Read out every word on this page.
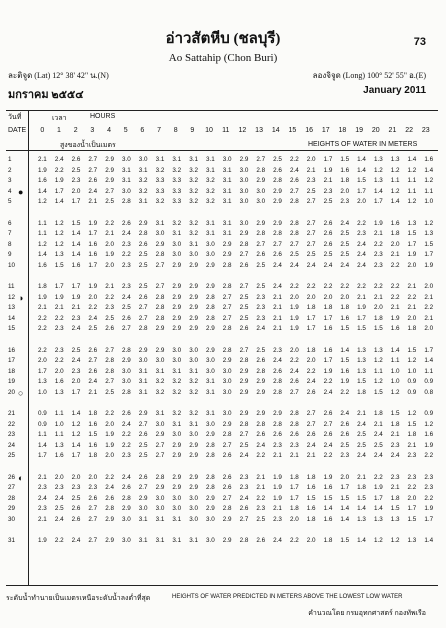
อ่าวสัตหีบ (ชลบุรี)	73
Ao Sattahip (Chon Buri)
ละติจูด (Lat) 12° 38' 42" น.(N)	ลองจิจูด (Long) 100° 52' 55" อ.(E)
มกราคม ๒๕๕๔	January 2011
วันที่
DATE
เวลา	HOURS
0	1	2	3	4	5	6	7	8	9	10	11	12	13	14	15	16	17	18	19	20	21	22	23
สูงของน้ำเป็นเมตร	HEIGHTS OF WATER IN METERS
1	2.1	2.4	2.6	2.7	2.9	3.0	3.0	3.1	3.1	3.1	3.1	3.0	2.9	2.7	2.5	2.2	2.0	1.7	1.5	1.4	1.3	1.3	1.4	1.6
2	1.9	2.2	2.5	2.7	2.9	3.1	3.1	3.2	3.2	3.2	3.1	3.1	3.0	2.8	2.6	2.4	2.1	1.9	1.6	1.4	1.2	1.2	1.2	1.4
3	1.6	1.9	2.3	2.6	2.9	3.1	3.2	3.3	3.3	3.2	3.2	3.1	3.0	2.9	2.8	2.6	2.3	2.1	1.8	1.5	1.3	1.1	1.1	1.2
4 ●	1.4	1.7	2.0	2.4	2.7	3.0	3.2	3.3	3.3	3.2	3.2	3.1	3.0	3.0	2.9	2.7	2.5	2.3	2.0	1.7	1.4	1.2	1.1	1.1
5	1.2	1.4	1.7	2.1	2.5	2.8	3.1	3.2	3.3	3.2	3.2	3.1	3.0	3.0	2.9	2.8	2.7	2.5	2.3	2.0	1.7	1.4	1.2	1.0
6	1.1	1.2	1.5	1.9	2.2	2.6	2.9	3.1	3.2	3.2	3.1	3.1	3.0	2.9	2.9	2.8	2.7	2.6	2.4	2.2	1.9	1.6	1.3	1.2
7	1.1	1.2	1.4	1.7	2.1	2.4	2.8	3.0	3.1	3.2	3.1	3.1	2.9	2.8	2.8	2.8	2.7	2.6	2.5	2.3	2.1	1.8	1.5	1.3
8	1.2	1.2	1.4	1.6	2.0	2.3	2.6	2.9	3.0	3.1	3.0	2.9	2.8	2.7	2.7	2.7	2.7	2.6	2.5	2.4	2.2	2.0	1.7	1.5
9	1.4	1.3	1.4	1.6	1.9	2.2	2.5	2.8	3.0	3.0	3.0	2.9	2.7	2.6	2.6	2.5	2.5	2.5	2.5	2.4	2.3	2.1	1.9	1.7
10	1.6	1.5	1.6	1.7	2.0	2.3	2.5	2.7	2.9	2.9	2.9	2.8	2.6	2.5	2.4	2.4	2.4	2.4	2.4	2.4	2.3	2.2	2.0	1.9
11	1.8	1.7	1.7	1.9	2.1	2.3	2.5	2.7	2.9	2.9	2.9	2.8	2.7	2.5	2.4	2.2	2.2	2.2	2.2	2.2	2.2	2.2	2.1	2.0
12 ◑	1.9	1.9	1.9	2.0	2.2	2.4	2.6	2.8	2.9	2.9	2.8	2.7	2.5	2.3	2.1	2.0	2.0	2.0	2.0	2.1	2.1	2.2	2.2	2.1
13	2.1	2.1	2.1	2.2	2.3	2.5	2.7	2.8	2.9	2.9	2.8	2.7	2.5	2.3	2.1	1.9	1.8	1.8	1.8	1.9	2.0	2.1	2.1	2.2
14	2.2	2.2	2.3	2.4	2.5	2.6	2.7	2.8	2.9	2.9	2.8	2.7	2.5	2.3	2.1	1.9	1.7	1.7	1.6	1.7	1.8	1.9	2.0	2.1
15	2.2	2.3	2.4	2.5	2.6	2.7	2.8	2.9	2.9	2.9	2.9	2.8	2.6	2.4	2.1	1.9	1.7	1.6	1.5	1.5	1.5	1.6	1.8	2.0
16	2.2	2.3	2.5	2.6	2.7	2.8	2.9	2.9	3.0	3.0	2.9	2.8	2.7	2.5	2.3	2.0	1.8	1.6	1.4	1.3	1.3	1.4	1.5	1.7
17	2.0	2.2	2.4	2.7	2.8	2.9	3.0	3.0	3.0	3.0	3.0	2.9	2.8	2.6	2.4	2.2	2.0	1.7	1.5	1.3	1.2	1.1	1.2	1.4
18	1.7	2.0	2.3	2.6	2.8	3.0	3.1	3.1	3.1	3.1	3.0	3.0	2.9	2.8	2.6	2.4	2.2	1.9	1.6	1.3	1.1	1.0	1.0	1.1
19	1.3	1.6	2.0	2.4	2.7	3.0	3.1	3.2	3.2	3.2	3.1	3.0	2.9	2.9	2.8	2.6	2.4	2.2	1.9	1.5	1.2	1.0	0.9	0.9
20 ○	1.0	1.3	1.7	2.1	2.5	2.8	3.1	3.2	3.2	3.2	3.1	3.0	2.9	2.9	2.8	2.7	2.6	2.4	2.2	1.8	1.5	1.2	0.9	0.8
21	0.9	1.1	1.4	1.8	2.2	2.6	2.9	3.1	3.2	3.2	3.1	3.0	2.9	2.9	2.9	2.8	2.7	2.6	2.4	2.1	1.8	1.5	1.2	0.9
22	0.9	1.0	1.2	1.6	2.0	2.4	2.7	3.0	3.1	3.1	3.0	2.9	2.8	2.8	2.8	2.8	2.7	2.7	2.6	2.4	2.1	1.8	1.5	1.2
23	1.1	1.1	1.2	1.5	1.9	2.2	2.6	2.9	3.0	3.0	2.9	2.8	2.7	2.6	2.6	2.6	2.6	2.6	2.6	2.5	2.4	2.1	1.8	1.6
24	1.4	1.3	1.4	1.6	1.9	2.2	2.5	2.7	2.9	2.9	2.8	2.7	2.5	2.4	2.3	2.3	2.4	2.4	2.5	2.5	2.5	2.3	2.1	1.9
25	1.7	1.6	1.7	1.8	2.0	2.3	2.5	2.7	2.9	2.9	2.8	2.6	2.4	2.2	2.1	2.1	2.1	2.2	2.3	2.4	2.4	2.4	2.3	2.2
26 ◐	2.1	2.0	2.0	2.0	2.2	2.4	2.6	2.8	2.9	2.9	2.8	2.6	2.3	2.1	1.9	1.8	1.8	1.9	2.0	2.1	2.2	2.3	2.3	2.3
27	2.3	2.3	2.3	2.3	2.4	2.6	2.7	2.9	2.9	2.9	2.8	2.6	2.3	2.1	1.9	1.7	1.6	1.6	1.7	1.8	1.9	2.1	2.2	2.3
28	2.4	2.4	2.5	2.6	2.6	2.8	2.9	3.0	3.0	3.0	2.9	2.7	2.4	2.2	1.9	1.7	1.5	1.5	1.5	1.5	1.7	1.8	2.0	2.2
29	2.3	2.5	2.6	2.7	2.8	2.9	3.0	3.0	3.0	3.0	2.9	2.8	2.6	2.3	2.1	1.8	1.6	1.4	1.4	1.4	1.4	1.5	1.7	1.9
30	2.1	2.4	2.6	2.7	2.9	3.0	3.1	3.1	3.1	3.0	3.0	2.9	2.7	2.5	2.3	2.0	1.8	1.6	1.4	1.3	1.3	1.3	1.5	1.7
31	1.9	2.2	2.4	2.7	2.9	3.0	3.1	3.1	3.1	3.1	3.0	2.9	2.8	2.6	2.4	2.2	2.0	1.8	1.5	1.4	1.2	1.2	1.3	1.4
ระดับน้ำทำนายเป็นเมตรเหนือระดับน้ำลงต่ำที่สุด	HEIGHTS OF WATER PREDICTED IN METERS ABOVE THE LOWEST LOW WATER
คำนวณโดย กรมอุทกศาสตร์ กองทัพเรือ
